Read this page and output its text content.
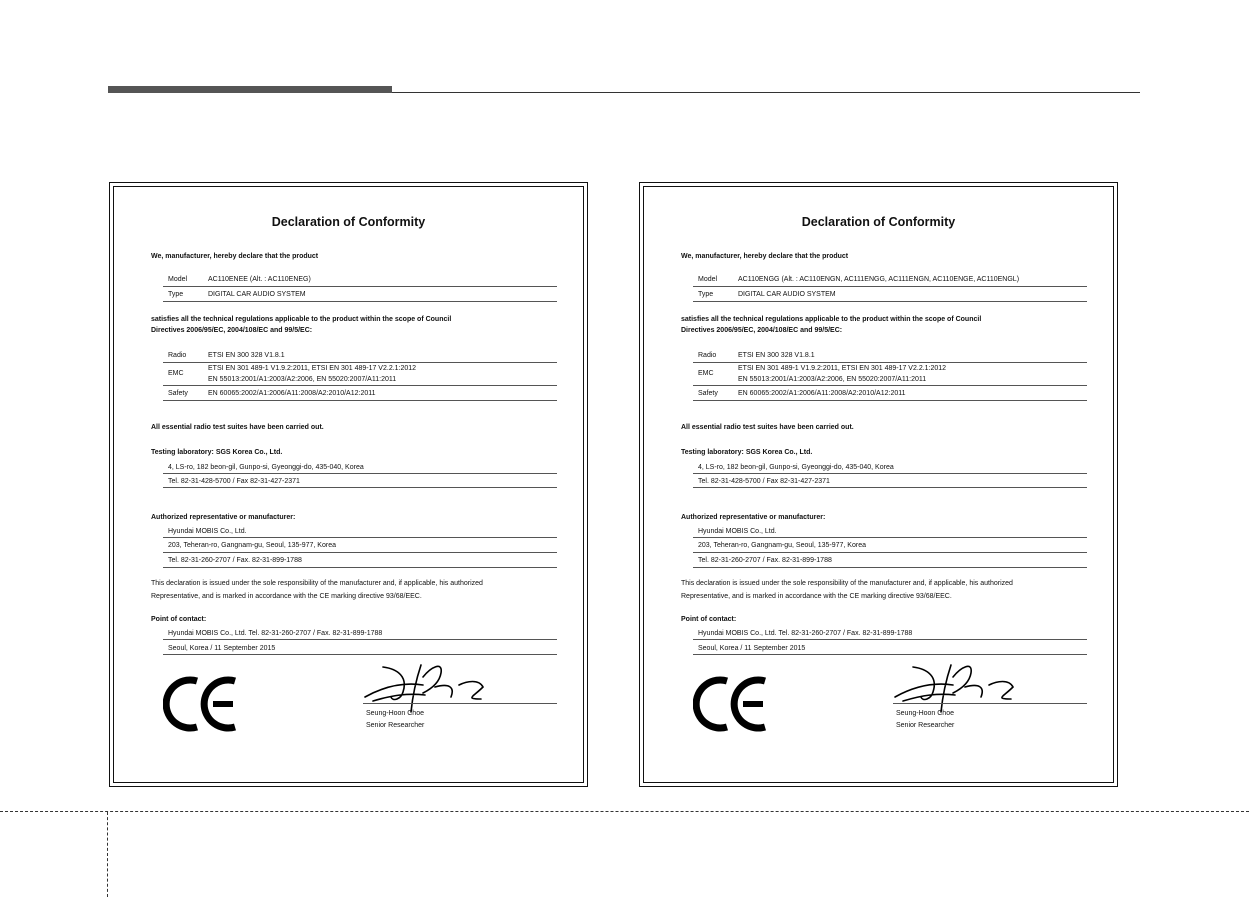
Declaration of Conformity
We, manufacturer, hereby declare that the product
Model	AC110ENEE (Alt. : AC110ENEG)
Type	DIGITAL CAR AUDIO SYSTEM
satisfies all the technical regulations applicable to the product within the scope of Council
Directives 2006/95/EC, 2004/108/EC and 99/5/EC:
Radio	ETSI EN 300 328 V1.8.1
EMC
ETSI EN 301 489-1 V1.9.2:2011, ETSI EN 301 489-17 V2.2.1:2012
EN 55013:2001/A1:2003/A2:2006, EN 55020:2007/A11:2011
Safety	EN 60065:2002/A1:2006/A11:2008/A2:2010/A12:2011
All essential radio test suites have been carried out.
Testing laboratory: SGS Korea Co., Ltd.
4, LS-ro, 182 beon-gil, Gunpo-si, Gyeonggi-do, 435-040, Korea
Tel. 82-31-428-5700 / Fax 82-31-427-2371
Authorized representative or manufacturer:
Hyundai MOBIS Co., Ltd.
203, Teheran-ro, Gangnam-gu, Seoul, 135-977, Korea
Tel. 82-31-260-2707 / Fax. 82-31-899-1788
This declaration is issued under the sole responsibility of the manufacturer and, if applicable, his authorized
Representative, and is marked in accordance with the CE marking directive 93/68/EEC.
Point of contact:
Hyundai MOBIS Co., Ltd. Tel. 82-31-260-2707 / Fax. 82-31-899-1788
Seoul, Korea / 11 September 2015
Seung-Hoon Choe
Senior Researcher
Declaration of Conformity
We, manufacturer, hereby declare that the product
Model	AC110ENGG (Alt. : AC110ENGN, AC111ENGG, AC111ENGN, AC110ENGE, AC110ENGL)
Type	DIGITAL CAR AUDIO SYSTEM
satisfies all the technical regulations applicable to the product within the scope of Council
Directives 2006/95/EC, 2004/108/EC and 99/5/EC:
Radio	ETSI EN 300 328 V1.8.1
EMC
ETSI EN 301 489-1 V1.9.2:2011, ETSI EN 301 489-17 V2.2.1:2012
EN 55013:2001/A1:2003/A2:2006, EN 55020:2007/A11:2011
Safety	EN 60065:2002/A1:2006/A11:2008/A2:2010/A12:2011
All essential radio test suites have been carried out.
Testing laboratory: SGS Korea Co., Ltd.
4, LS-ro, 182 beon-gil, Gunpo-si, Gyeonggi-do, 435-040, Korea
Tel. 82-31-428-5700 / Fax 82-31-427-2371
Authorized representative or manufacturer:
Hyundai MOBIS Co., Ltd.
203, Teheran-ro, Gangnam-gu, Seoul, 135-977, Korea
Tel. 82-31-260-2707 / Fax. 82-31-899-1788
This declaration is issued under the sole responsibility of the manufacturer and, if applicable, his authorized
Representative, and is marked in accordance with the CE marking directive 93/68/EEC.
Point of contact:
Hyundai MOBIS Co., Ltd. Tel. 82-31-260-2707 / Fax. 82-31-899-1788
Seoul, Korea / 11 September 2015
Seung-Hoon Choe
Senior Researcher
